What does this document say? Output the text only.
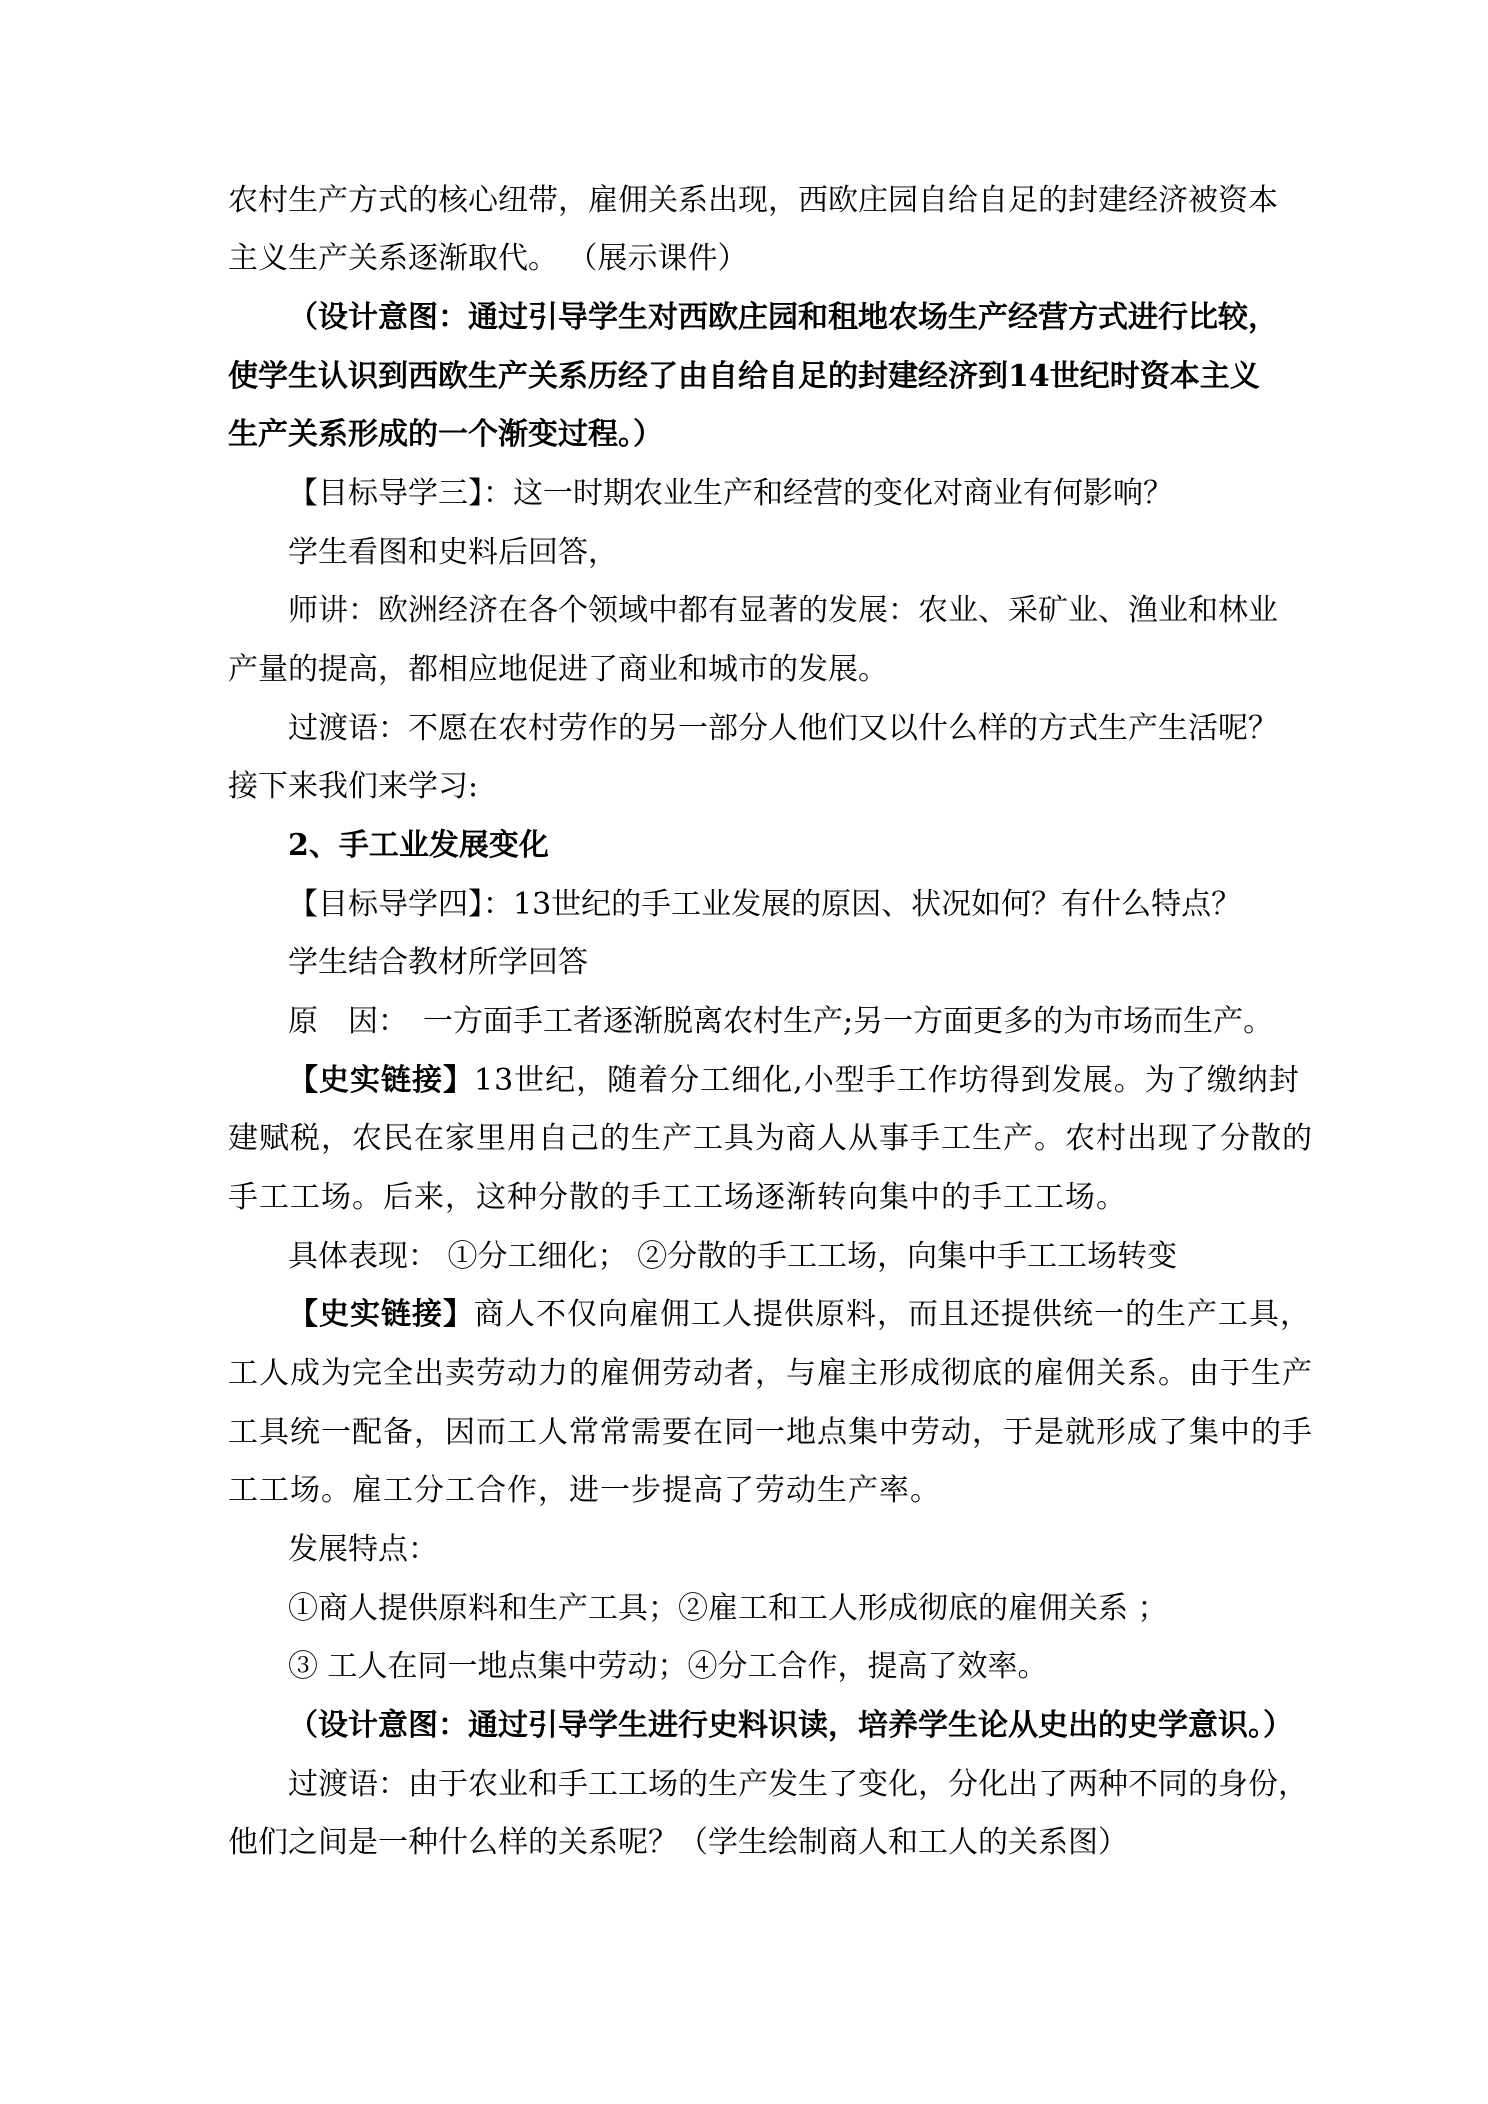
农村生产方式的核心纽带，雇佣关系出现，西欧庄园自给自足的封建经济被资本
主义生产关系逐渐取代。 （展示课件）
（设计意图：通过引导学生对西欧庄园和租地农场生产经营方式进行比较，
使学生认识到西欧生产关系历经了由自给自足的封建经济到14世纪时资本主义
生产关系形成的一个渐变过程。）
【目标导学三】：这一时期农业生产和经营的变化对商业有何影响？
学生看图和史料后回答，
师讲：欧洲经济在各个领域中都有显著的发展：农业、采矿业、渔业和林业
产量的提高，都相应地促进了商业和城市的发展。
过渡语：不愿在农村劳作的另一部分人他们又以什么样的方式生产生活呢？
接下来我们来学习:
2、手工业发展变化
【目标导学四】：13世纪的手工业发展的原因、状况如何？有什么特点？
学生结合教材所学回答
原　因：　一方面手工者逐渐脱离农村生产;另一方面更多的为市场而生产。
【史实链接】13世纪，随着分工细化,小型手工作坊得到发展。为了缴纳封
建赋税，农民在家里用自己的生产工具为商人从事手工生产。农村出现了分散的
手工工场。后来，这种分散的手工工场逐渐转向集中的手工工场。
具体表现： ①分工细化； ②分散的手工工场，向集中手工工场转变
【史实链接】商人不仅向雇佣工人提供原料，而且还提供统一的生产工具，
工人成为完全出卖劳动力的雇佣劳动者，与雇主形成彻底的雇佣关系。由于生产
工具统一配备，因而工人常常需要在同一地点集中劳动，于是就形成了集中的手
工工场。雇工分工合作，进一步提高了劳动生产率。
发展特点：
①商人提供原料和生产工具；②雇工和工人形成彻底的雇佣关系 ；
③ 工人在同一地点集中劳动；④分工合作，提高了效率。
（设计意图：通过引导学生进行史料识读，培养学生论从史出的史学意识。）
过渡语：由于农业和手工工场的生产发生了变化，分化出了两种不同的身份，
他们之间是一种什么样的关系呢？（学生绘制商人和工人的关系图）
